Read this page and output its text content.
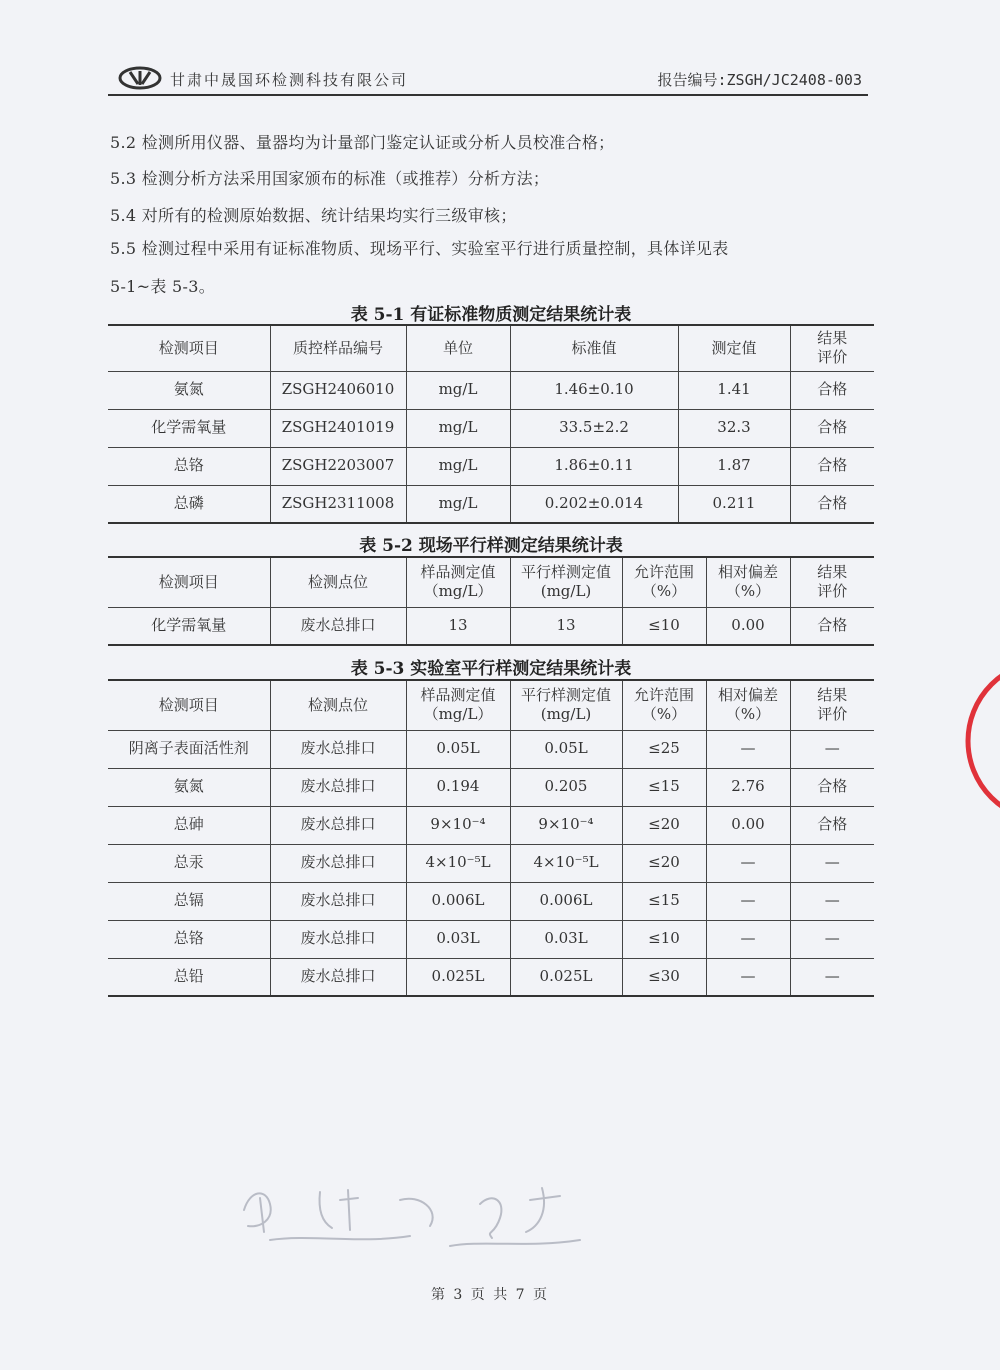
甘肃中晟国环检测科技有限公司	报告编号:ZSGH/JC2408-003
5.2 检测所用仪器、量器均为计量部门鉴定认证或分析人员校准合格；
5.3 检测分析方法采用国家颁布的标准（或推荐）分析方法；
5.4 对所有的检测原始数据、统计结果均实行三级审核；
5.5 检测过程中采用有证标准物质、现场平行、实验室平行进行质量控制，具体详见表
5-1~表 5-3。
表 5-1 有证标准物质测定结果统计表
检测项目	质控样品编号	单位	标准值	测定值	结果评价
氨氮	ZSGH2406010	mg/L	1.46±0.10	1.41	合格
化学需氧量	ZSGH2401019	mg/L	33.5±2.2	32.3	合格
总铬	ZSGH2203007	mg/L	1.86±0.11	1.87	合格
总磷	ZSGH2311008	mg/L	0.202±0.014	0.211	合格
表 5-2 现场平行样测定结果统计表
检测项目	检测点位	样品测定值（mg/L）	平行样测定值(mg/L)	允许范围（%）	相对偏差（%）	结果评价
化学需氧量	废水总排口	13	13	≤10	0.00	合格
表 5-3 实验室平行样测定结果统计表
检测项目	检测点位	样品测定值（mg/L）	平行样测定值(mg/L)	允许范围（%）	相对偏差（%）	结果评价
阴离子表面活性剂	废水总排口	0.05L	0.05L	≤25	—	—
氨氮	废水总排口	0.194	0.205	≤15	2.76	合格
总砷	废水总排口	9×10⁻⁴	9×10⁻⁴	≤20	0.00	合格
总汞	废水总排口	4×10⁻⁵L	4×10⁻⁵L	≤20	—	—
总镉	废水总排口	0.006L	0.006L	≤15	—	—
总铬	废水总排口	0.03L	0.03L	≤10	—	—
总铅	废水总排口	0.025L	0.025L	≤30	—	—
第 3 页 共 7 页
